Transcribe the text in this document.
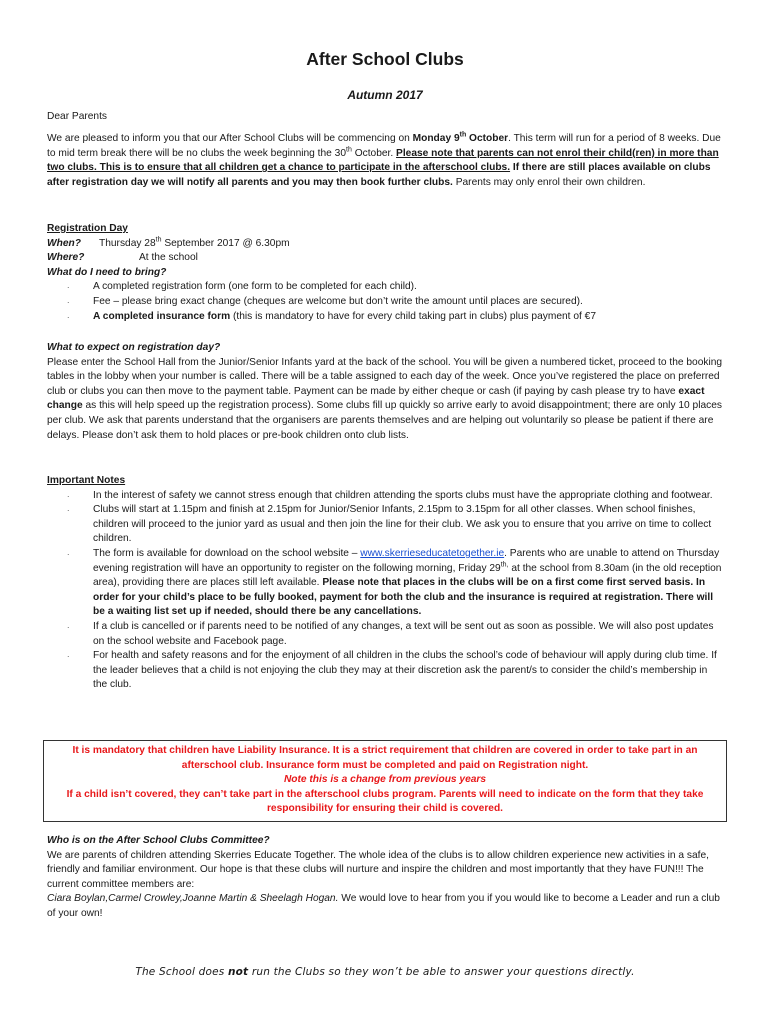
After School Clubs
Autumn 2017
Dear Parents
We are pleased to inform you that our After School Clubs will be commencing on Monday 9th October. This term will run for a period of 8 weeks. Due to mid term break there will be no clubs the week beginning the 30th October. Please note that parents can not enrol their child(ren) in more than two clubs. This is to ensure that all children get a chance to participate in the afterschool clubs. If there are still places available on clubs after registration day we will notify all parents and you may then book further clubs. Parents may only enrol their own children.
Registration Day
When?	Thursday 28th September 2017 @ 6.30pm
Where?	At the school
What do I need to bring?
. A completed registration form (one form to be completed for each child).
. Fee – please bring exact change (cheques are welcome but don’t write the amount until places are secured).
. A completed insurance form (this is mandatory to have for every child taking part in clubs) plus payment of €7
What to expect on registration day?
Please enter the School Hall from the Junior/Senior Infants yard at the back of the school. You will be given a numbered ticket, proceed to the booking tables in the lobby when your number is called. There will be a table assigned to each day of the week. Once you’ve registered the place on preferred club or clubs you can then move to the payment table. Payment can be made by either cheque or cash (if paying by cash please try to have exact change as this will help speed up the registration process). Some clubs fill up quickly so arrive early to avoid disappointment; there are only 10 places per club. We ask that parents understand that the organisers are parents themselves and are helping out voluntarily so please be patient if there are delays. Please don’t ask them to hold places or pre-book children onto club lists.
Important Notes
. In the interest of safety we cannot stress enough that children attending the sports clubs must have the appropriate clothing and footwear.
. Clubs will start at 1.15pm and finish at 2.15pm for Junior/Senior Infants, 2.15pm to 3.15pm for all other classes. When school finishes, children will proceed to the junior yard as usual and then join the line for their club. We ask you to ensure that you arrive on time to collect children.
. The form is available for download on the school website – www.skerrieseducatetogether.ie. Parents who are unable to attend on Thursday evening registration will have an opportunity to register on the following morning, Friday $29^{th,}$ at the school from 8.30am (in the old reception area), providing there are places still left available. Please note that places in the clubs will be on a first come first served basis. In order for your child’s place to be fully booked, payment for both the club and the insurance is required at registration. There will be a waiting list set up if needed, should there be any cancellations.
. If a club is cancelled or if parents need to be notified of any changes, a text will be sent out as soon as possible. We will also post updates on the school website and Facebook page.
. For health and safety reasons and for the enjoyment of all children in the clubs the school’s code of behaviour will apply during club time. If the leader believes that a child is not enjoying the club they may at their discretion ask the parent/s to consider the child’s membership in the club.
It is mandatory that children have Liability Insurance. It is a strict requirement that children are covered in order to take part in an afterschool club. Insurance form must be completed and paid on Registration night.
Note this is a change from previous years
If a child isn’t covered, they can’t take part in the afterschool clubs program. Parents will need to indicate on the form that they take responsibility for ensuring their child is covered.
Who is on the After School Clubs Committee?
We are parents of children attending Skerries Educate Together. The whole idea of the clubs is to allow children experience new activities in a safe, friendly and familiar environment. Our hope is that these clubs will nurture and inspire the children and most importantly that they have FUN!!! The current committee members are:
Ciara Boylan,Carmel Crowley,Joanne Martin & Sheelagh Hogan. We would love to hear from you if you would like to become a Leader and run a club of your own!
The School does not run the Clubs so they won’t be able to answer your questions directly.
